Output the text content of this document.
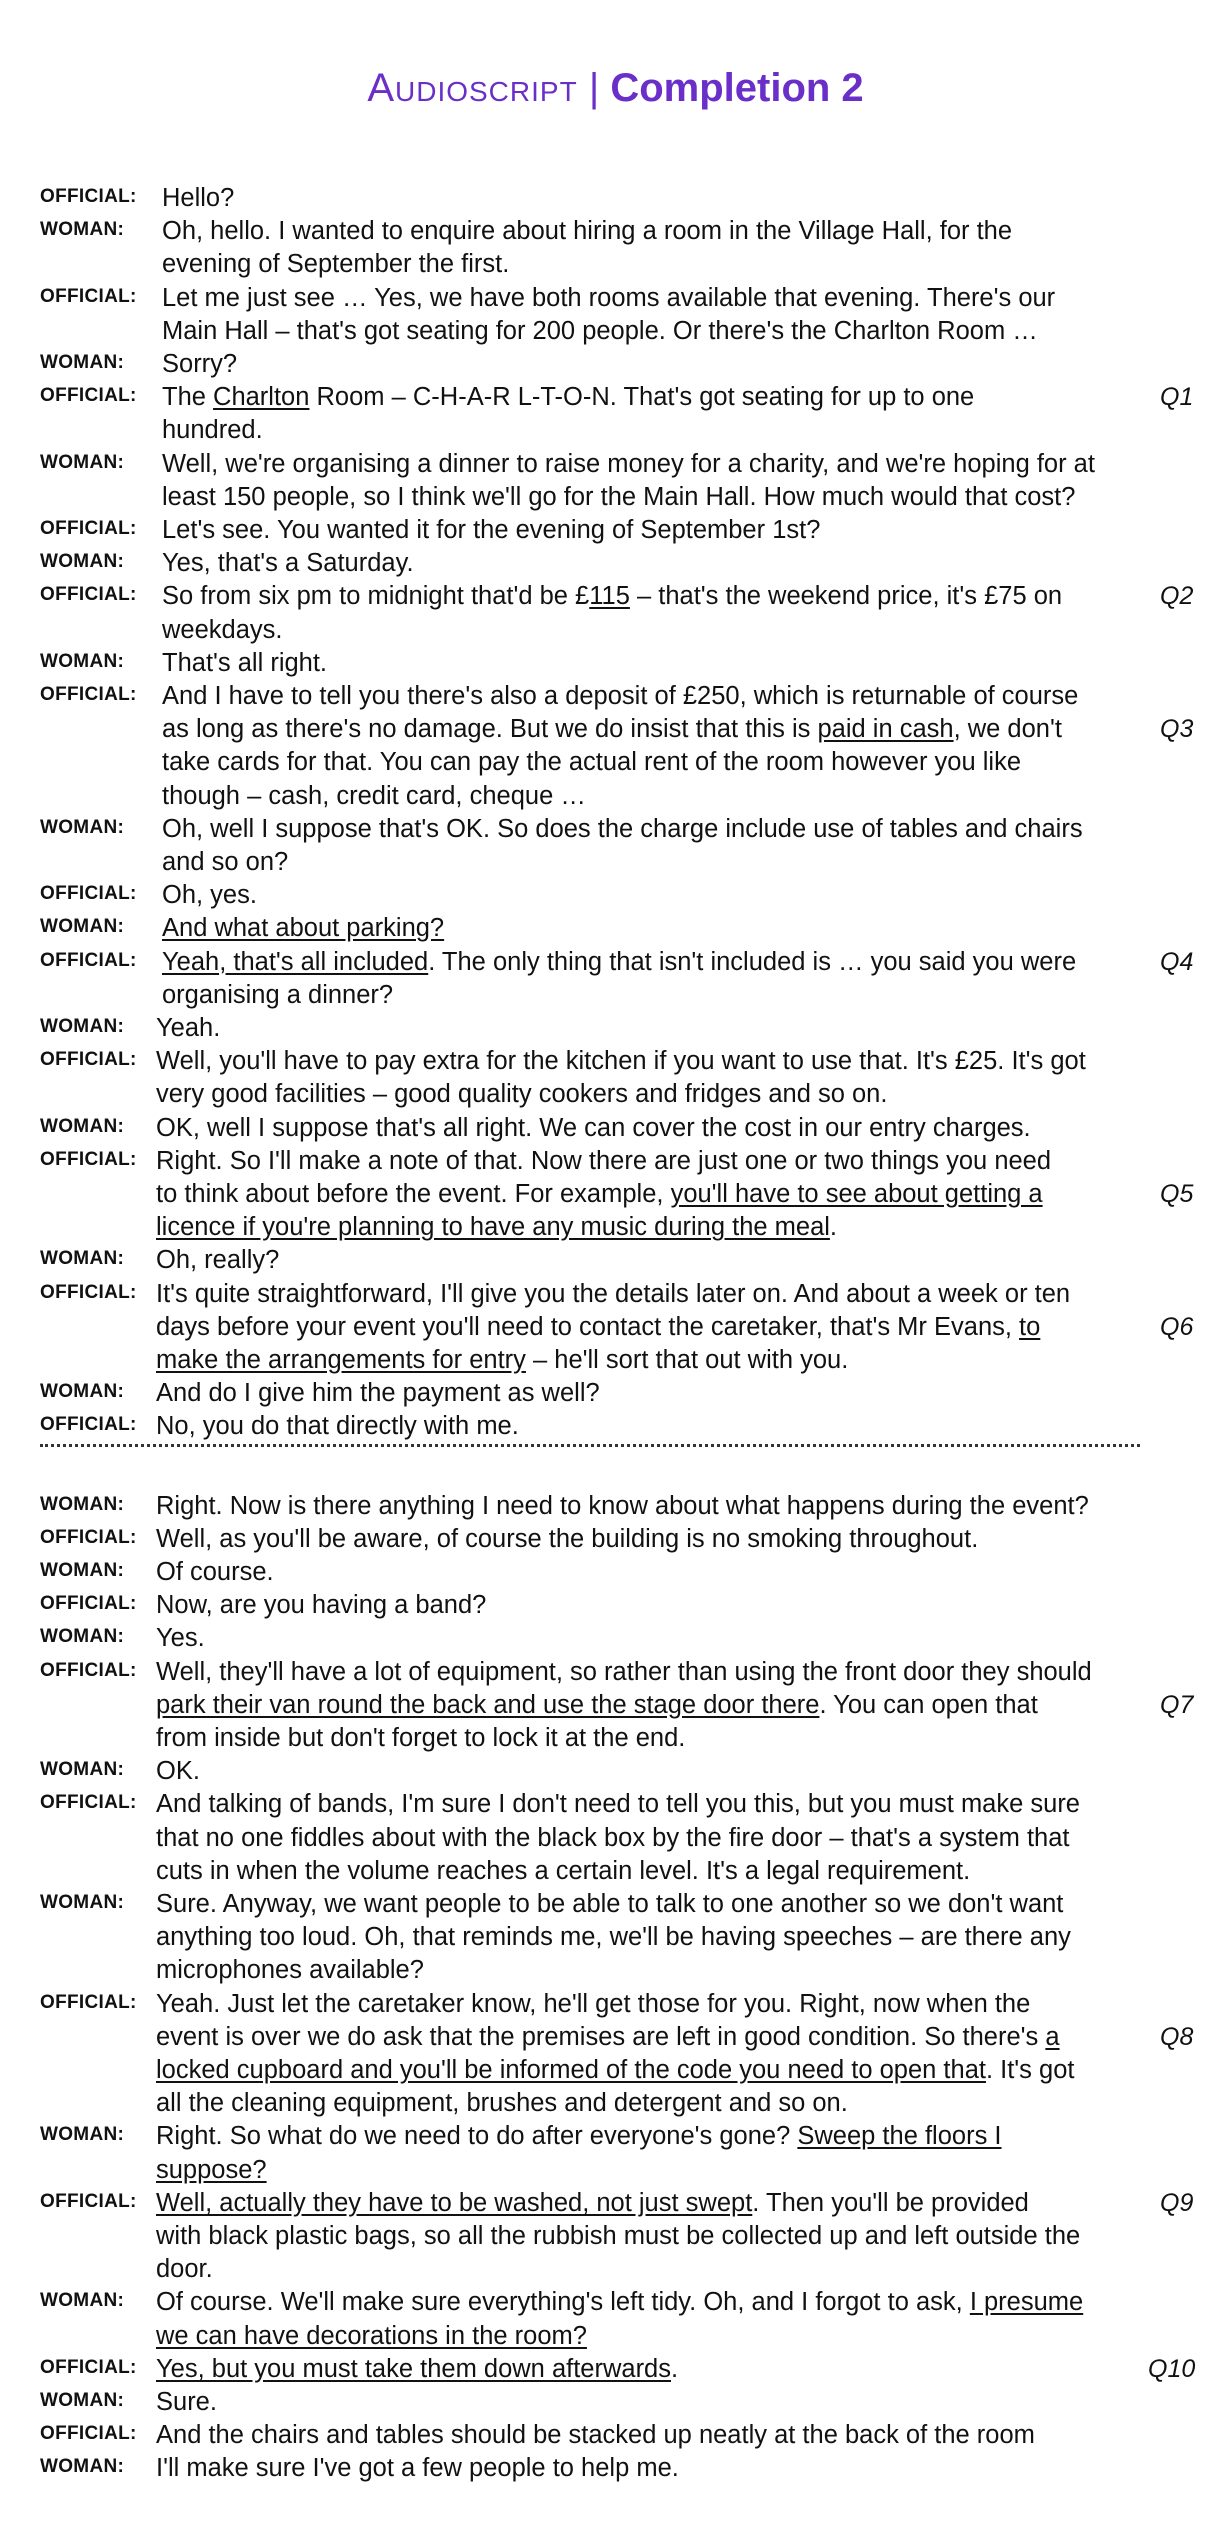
Audioscript | Completion 2
OFFICIAL: Hello?
WOMAN: Oh, hello. I wanted to enquire about hiring a room in the Village Hall, for the
evening of September the first.
OFFICIAL: Let me just see … Yes, we have both rooms available that evening. There's our
Main Hall – that's got seating for 200 people. Or there's the Charlton Room …
WOMAN: Sorry?
OFFICIAL: The Charlton Room – C-H-A-R L-T-O-N. That's got seating for up to one	Q1
hundred.
WOMAN: Well, we're organising a dinner to raise money for a charity, and we're hoping for at
least 150 people, so I think we'll go for the Main Hall. How much would that cost?
OFFICIAL: Let's see. You wanted it for the evening of September 1st?
WOMAN: Yes, that's a Saturday.
OFFICIAL: So from six pm to midnight that'd be £115 – that's the weekend price, it's £75 on	Q2
weekdays.
WOMAN: That's all right.
OFFICIAL: And I have to tell you there's also a deposit of £250, which is returnable of course
as long as there's no damage. But we do insist that this is paid in cash, we don't	Q3
take cards for that. You can pay the actual rent of the room however you like
though – cash, credit card, cheque …
WOMAN: Oh, well I suppose that's OK. So does the charge include use of tables and chairs
and so on?
OFFICIAL: Oh, yes.
WOMAN: And what about parking?
OFFICIAL: Yeah, that's all included. The only thing that isn't included is … you said you were	Q4
organising a dinner?
WOMAN: Yeah.
OFFICIAL: Well, you'll have to pay extra for the kitchen if you want to use that. It's £25. It's got
very good facilities – good quality cookers and fridges and so on.
WOMAN: OK, well I suppose that's all right. We can cover the cost in our entry charges.
OFFICIAL: Right. So I'll make a note of that. Now there are just one or two things you need
to think about before the event. For example, you'll have to see about getting a	Q5
licence if you're planning to have any music during the meal.
WOMAN: Oh, really?
OFFICIAL: It's quite straightforward, I'll give you the details later on. And about a week or ten
days before your event you'll need to contact the caretaker, that's Mr Evans, to	Q6
make the arrangements for entry – he'll sort that out with you.
WOMAN: And do I give him the payment as well?
OFFICIAL: No, you do that directly with me.
WOMAN: Right. Now is there anything I need to know about what happens during the event?
OFFICIAL: Well, as you'll be aware, of course the building is no smoking throughout.
WOMAN: Of course.
OFFICIAL: Now, are you having a band?
WOMAN: Yes.
OFFICIAL: Well, they'll have a lot of equipment, so rather than using the front door they should
park their van round the back and use the stage door there. You can open that	Q7
from inside but don't forget to lock it at the end.
WOMAN: OK.
OFFICIAL: And talking of bands, I'm sure I don't need to tell you this, but you must make sure
that no one fiddles about with the black box by the fire door – that's a system that
cuts in when the volume reaches a certain level. It's a legal requirement.
WOMAN: Sure. Anyway, we want people to be able to talk to one another so we don't want
anything too loud. Oh, that reminds me, we'll be having speeches – are there any
microphones available?
OFFICIAL: Yeah. Just let the caretaker know, he'll get those for you. Right, now when the
event is over we do ask that the premises are left in good condition. So there's a	Q8
locked cupboard and you'll be informed of the code you need to open that. It's got
all the cleaning equipment, brushes and detergent and so on.
WOMAN: Right. So what do we need to do after everyone's gone? Sweep the floors I
suppose?
OFFICIAL: Well, actually they have to be washed, not just swept. Then you'll be provided	Q9
with black plastic bags, so all the rubbish must be collected up and left outside the
door.
WOMAN: Of course. We'll make sure everything's left tidy. Oh, and I forgot to ask, I presume
we can have decorations in the room?
OFFICIAL: Yes, but you must take them down afterwards.	Q10
WOMAN: Sure.
OFFICIAL: And the chairs and tables should be stacked up neatly at the back of the room
WOMAN: I'll make sure I've got a few people to help me.
